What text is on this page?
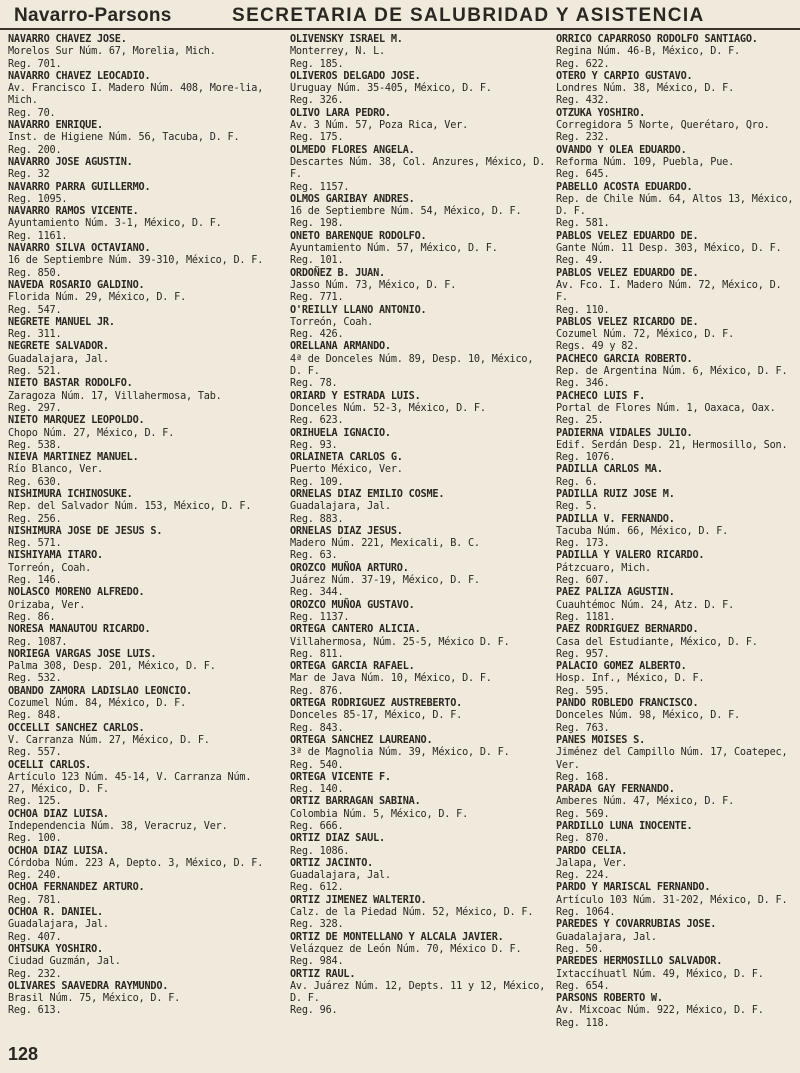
Navarro-Parsons	SECRETARIA DE SALUBRIDAD Y ASISTENCIA
NAVARRO CHAVEZ JOSE.
Morelos Sur Núm. 67, Morelia, Mich.
Reg. 701.
NAVARRO CHAVEZ LEOCADIO.
Av. Francisco I. Madero Núm. 408, More-lia, Mich.
Reg. 70.
NAVARRO ENRIQUE.
Inst. de Higiene Núm. 56, Tacuba, D. F.
Reg. 200.
NAVARRO JOSE AGUSTIN.
Reg. 32
NAVARRO PARRA GUILLERMO.
Reg. 1095.
NAVARRO RAMOS VICENTE.
Ayuntamiento Núm. 3-1, México, D. F.
Reg. 1161.
NAVARRO SILVA OCTAVIANO.
16 de Septiembre Núm. 39-310, México, D. F.
Reg. 850.
NAVEDA ROSARIO GALDINO.
Florida Núm. 29, México, D. F.
Reg. 547.
NEGRETE MANUEL JR.
Reg. 311.
NEGRETE SALVADOR.
Guadalajara, Jal.
Reg. 521.
NIETO BASTAR RODOLFO.
Zaragoza Núm. 17, Villahermosa, Tab.
Reg. 297.
NIETO MARQUEZ LEOPOLDO.
Chopo Núm. 27, México, D. F.
Reg. 538.
NIEVA MARTINEZ MANUEL.
Río Blanco, Ver.
Reg. 630.
NISHIMURA ICHINOSUKE.
Rep. del Salvador Núm. 153, México, D. F.
Reg. 256.
NISHIMURA JOSE DE JESUS S.
Reg. 571.
NISHIYAMA ITARO.
Torreón, Coah.
Reg. 146.
NOLASCO MORENO ALFREDO.
Orizaba, Ver.
Reg. 86.
NORESA MANAUTOU RICARDO.
Reg. 1087.
NORIEGA VARGAS JOSE LUIS.
Palma 308, Desp. 201, México, D. F.
Reg. 532.
OBANDO ZAMORA LADISLAO LEONCIO.
Cozumel Núm. 84, México, D. F.
Reg. 848.
OCCELLI SANCHEZ CARLOS.
V. Carranza Núm. 27, México, D. F.
Reg. 557.
OCELLI CARLOS.
Artículo 123 Núm. 45-14, V. Carranza Núm. 27, México, D. F.
Reg. 125.
OCHOA DIAZ LUISA.
Independencia Núm. 38, Veracruz, Ver.
Reg. 100.
OCHOA DIAZ LUISA.
Córdoba Núm. 223 A, Depto. 3, México, D. F.
Reg. 240.
OCHOA FERNANDEZ ARTURO.
Reg. 781.
OCHOA R. DANIEL.
Guadalajara, Jal.
Reg. 407.
OHTSUKA YOSHIRO.
Ciudad Guzmán, Jal.
Reg. 232.
OLIVARES SAAVEDRA RAYMUNDO.
Brasil Núm. 75, México, D. F.
Reg. 613.
OLIVENSKY ISRAEL M.
Monterrey, N. L.
Reg. 185.
OLIVEROS DELGADO JOSE.
Uruguay Núm. 35-405, México, D. F.
Reg. 326.
OLIVO LARA PEDRO.
Av. 3 Núm. 57, Poza Rica, Ver.
Reg. 175.
OLMEDO FLORES ANGELA.
Descartes Núm. 38, Col. Anzures, México, D. F.
Reg. 1157.
OLMOS GARIBAY ANDRES.
16 de Septiembre Núm. 54, México, D. F.
Reg. 198.
ONETO BARENQUE RODOLFO.
Ayuntamiento Núm. 57, México, D. F.
Reg. 101.
ORDOÑEZ B. JUAN.
Jasso Núm. 73, México, D. F.
Reg. 771.
O'REILLY LLANO ANTONIO.
Torreón, Coah.
Reg. 426.
ORELLANA ARMANDO.
4ª de Donceles Núm. 89, Desp. 10, México, D. F.
Reg. 78.
ORIARD Y ESTRADA LUIS.
Donceles Núm. 52-3, México, D. F.
Reg. 623.
ORIHUELA IGNACIO.
Reg. 93.
ORLAINETA CARLOS G.
Puerto México, Ver.
Reg. 109.
ORNELAS DIAZ EMILIO COSME.
Guadalajara, Jal.
Reg. 883.
ORNELAS DIAZ JESUS.
Madero Núm. 221, Mexicali, B. C.
Reg. 63.
OROZCO MUÑOA ARTURO.
Juárez Núm. 37-19, México, D. F.
Reg. 344.
OROZCO MUÑOA GUSTAVO.
Reg. 1137.
ORTEGA CANTERO ALICIA.
Villahermosa, Núm. 25-5, México D. F.
Reg. 811.
ORTEGA GARCIA RAFAEL.
Mar de Java Núm. 10, México, D. F.
Reg. 876.
ORTEGA RODRIGUEZ AUSTREBERTO.
Donceles 85-17, México, D. F.
Reg. 843.
ORTEGA SANCHEZ LAUREANO.
3ª de Magnolia Núm. 39, México, D. F.
Reg. 540.
ORTEGA VICENTE F.
Reg. 140.
ORTIZ BARRAGAN SABINA.
Colombia Núm. 5, México, D. F.
Reg. 666.
ORTIZ DIAZ SAUL.
Reg. 1086.
ORTIZ JACINTO.
Guadalajara, Jal.
Reg. 612.
ORTIZ JIMENEZ WALTERIO.
Calz. de la Piedad Núm. 52, México, D. F.
Reg. 328.
ORTIZ DE MONTELLANO Y ALCALA JAVIER.
Velázquez de León Núm. 70, México D. F.
Reg. 984.
ORTIZ RAUL.
Av. Juárez Núm. 12, Depts. 11 y 12, México, D. F.
Reg. 96.
ORRICO CAPARROSO RODOLFO SANTIAGO.
Regina Núm. 46-B, México, D. F.
Reg. 622.
OTERO Y CARPIO GUSTAVO.
Londres Núm. 38, México, D. F.
Reg. 432.
OTZUKA YOSHIRO.
Corregidora 5 Norte, Querétaro, Qro.
Reg. 232.
OVANDO Y OLEA EDUARDO.
Reforma Núm. 109, Puebla, Pue.
Reg. 645.
PABELLO ACOSTA EDUARDO.
Rep. de Chile Núm. 64, Altos 13, México, D. F.
Reg. 581.
PABLOS VELEZ EDUARDO DE.
Gante Núm. 11 Desp. 303, México, D. F.
Reg. 49.
PABLOS VELEZ EDUARDO DE.
Av. Fco. I. Madero Núm. 72, México, D. F.
Reg. 110.
PABLOS VELEZ RICARDO DE.
Cozumel Núm. 72, México, D. F.
Regs. 49 y 82.
PACHECO GARCIA ROBERTO.
Rep. de Argentina Núm. 6, México, D. F.
Reg. 346.
PACHECO LUIS F.
Portal de Flores Núm. 1, Oaxaca, Oax.
Reg. 25.
PADIERNA VIDALES JULIO.
Edif. Serdán Desp. 21, Hermosillo, Son.
Reg. 1076.
PADILLA CARLOS MA.
Reg. 6.
PADILLA RUIZ JOSE M.
Reg. 5.
PADILLA V. FERNANDO.
Tacuba Núm. 66, México, D. F.
Reg. 173.
PADILLA Y VALERO RICARDO.
Pátzcuaro, Mich.
Reg. 607.
PAEZ PALIZA AGUSTIN.
Cuauhtémoc Núm. 24, Atz. D. F.
Reg. 1181.
PAEZ RODRIGUEZ BERNARDO.
Casa del Estudiante, México, D. F.
Reg. 957.
PALACIO GOMEZ ALBERTO.
Hosp. Inf., México, D. F.
Reg. 595.
PANDO ROBLEDO FRANCISCO.
Donceles Núm. 98, México, D. F.
Reg. 763.
PANES MOISES S.
Jiménez del Campillo Núm. 17, Coatepec, Ver.
Reg. 168.
PARADA GAY FERNANDO.
Amberes Núm. 47, México, D. F.
Reg. 569.
PARDILLO LUNA INOCENTE.
Reg. 870.
PARDO CELIA.
Jalapa, Ver.
Reg. 224.
PARDO Y MARISCAL FERNANDO.
Artículo 103 Núm. 31-202, México, D. F.
Reg. 1064.
PAREDES Y COVARRUBIAS JOSE.
Guadalajara, Jal.
Reg. 50.
PAREDES HERMOSILLO SALVADOR.
Ixtaccíhuatl Núm. 49, México, D. F.
Reg. 654.
PARSONS ROBERTO W.
Av. Mixcoac Núm. 922, México, D. F.
Reg. 118.
128
